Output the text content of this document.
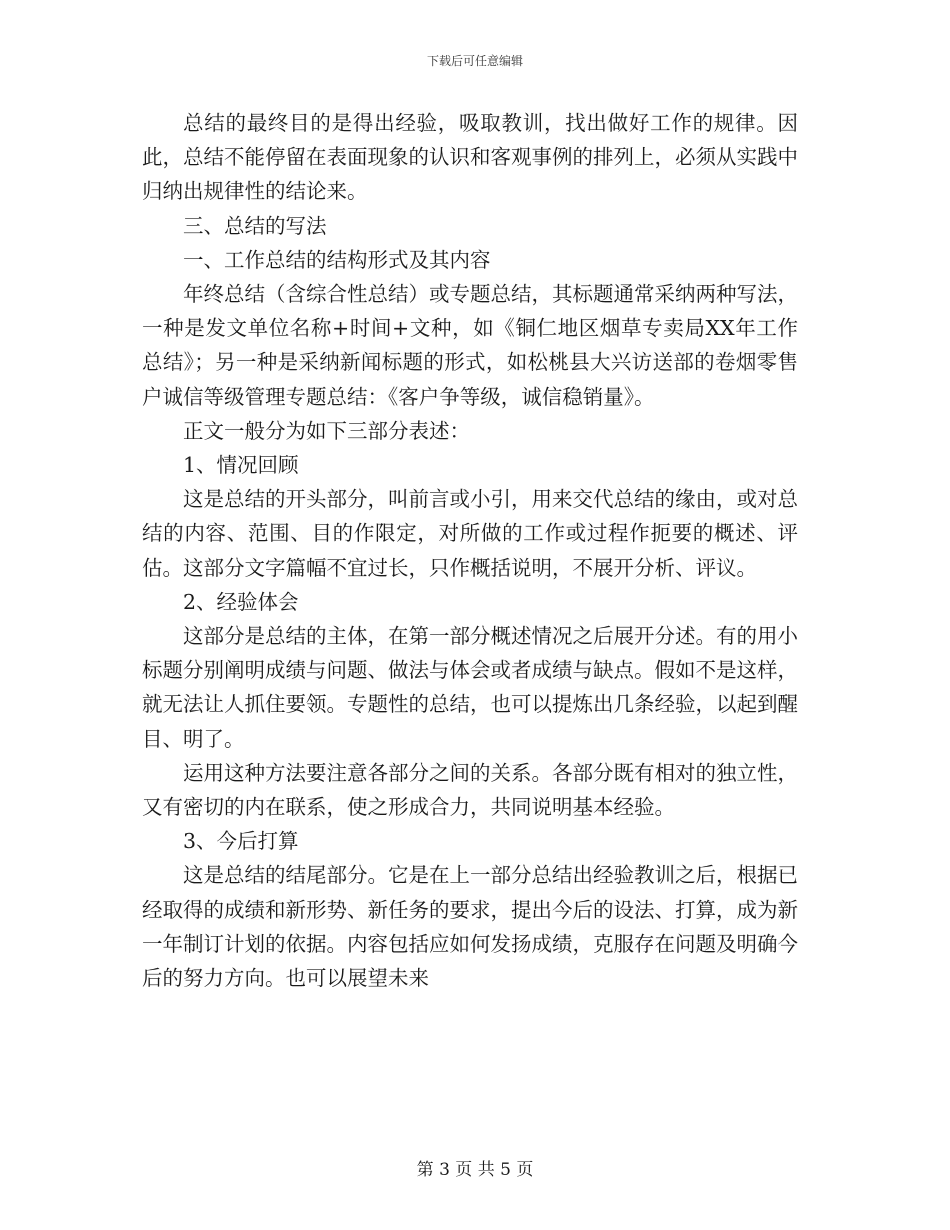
下载后可任意编辑

总结的最终目的是得出经验，吸取教训，找出做好工作的规律。因此，总结不能停留在表面现象的认识和客观事例的排列上，必须从实践中归纳出规律性的结论来。

三、总结的写法

一、工作总结的结构形式及其内容

年终总结（含综合性总结）或专题总结，其标题通常采纳两种写法，一种是发文单位名称+时间+文种，如《铜仁地区烟草专卖局XX年工作总结》；另一种是采纳新闻标题的形式，如松桃县大兴访送部的卷烟零售户诚信等级管理专题总结：《客户争等级，诚信稳销量》。

正文一般分为如下三部分表述：

1、情况回顾

这是总结的开头部分，叫前言或小引，用来交代总结的缘由，或对总结的内容、范围、目的作限定，对所做的工作或过程作扼要的概述、评估。这部分文字篇幅不宜过长，只作概括说明，不展开分析、评议。

2、经验体会

这部分是总结的主体，在第一部分概述情况之后展开分述。有的用小标题分别阐明成绩与问题、做法与体会或者成绩与缺点。假如不是这样，就无法让人抓住要领。专题性的总结，也可以提炼出几条经验，以起到醒目、明了。

运用这种方法要注意各部分之间的关系。各部分既有相对的独立性，又有密切的内在联系，使之形成合力，共同说明基本经验。

3、今后打算

这是总结的结尾部分。它是在上一部分总结出经验教训之后，根据已经取得的成绩和新形势、新任务的要求，提出今后的设法、打算，成为新一年制订计划的依据。内容包括应如何发扬成绩，克服存在问题及明确今后的努力方向。也可以展望未来

第 3 页 共 5 页
